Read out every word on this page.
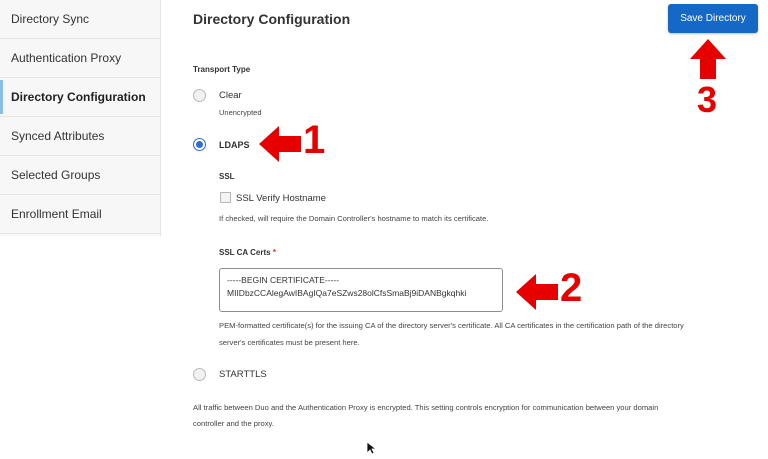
Directory Sync
Authentication Proxy
Directory Configuration
Synced Attributes
Selected Groups
Enrollment Email
Directory Configuration	Save Directory
Transport Type
Clear
Unencrypted
LDAPS
SSL
SSL Verify Hostname
If checked, will require the Domain Controller's hostname to match its certificate.
SSL CA Certs *
-----BEGIN CERTIFICATE-----
MIIDbzCCAlegAwIBAgIQa7eSZws28olCfsSmaBj9iDANBgkqhki
PEM-formatted certificate(s) for the issuing CA of the directory server's certificate. All CA certificates in the certification path of the directory
server's certificates must be present here.
STARTTLS
All traffic between Duo and the Authentication Proxy is encrypted. This setting controls encryption for communication between your domain
controller and the proxy.
1
2
3
